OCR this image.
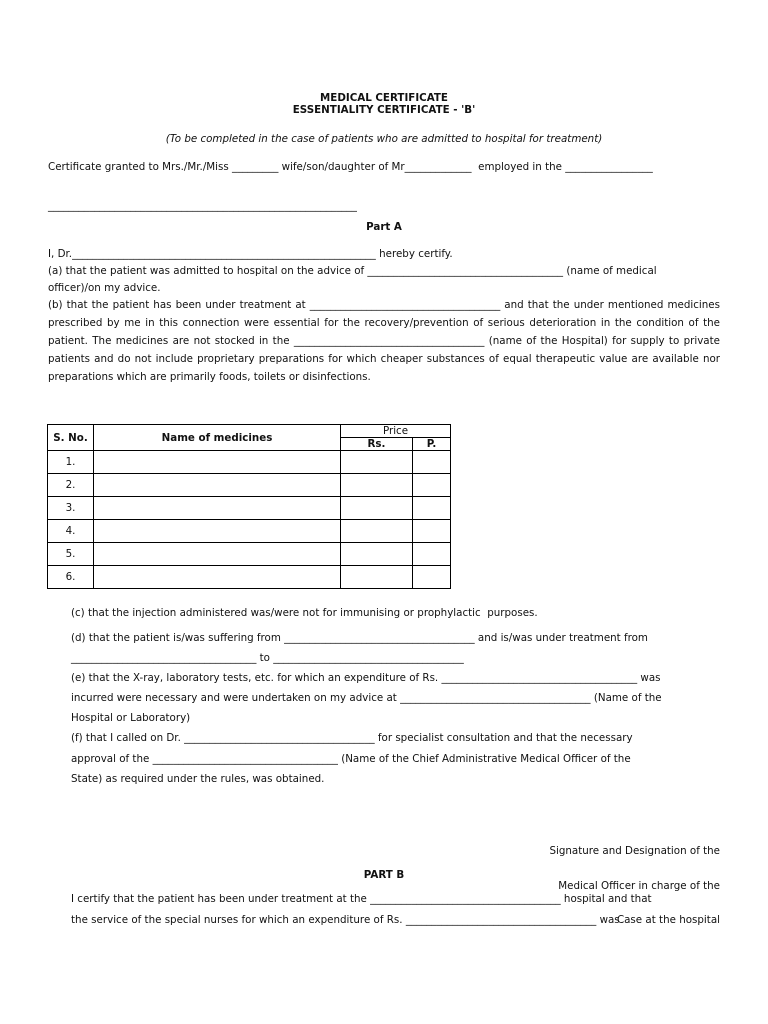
MEDICAL CERTIFICATE
ESSENTIALITY CERTIFICATE - 'B'
(To be completed in the case of patients who are admitted to hospital for treatment)
Certificate granted to Mrs./Mr./Miss _________ wife/son/daughter of Mr_____________  employed in the _________________
____________________________________________________________
Part A
I, Dr.___________________________________________________________ hereby certify.
(a) that the patient was admitted to hospital on the advice of ______________________________________ (name of medical
officer)/on my advice.
(b) that the patient has been under treatment at _____________________________________ and that the under mentioned medicines prescribed by me in this connection were essential for the recovery/prevention of serious deterioration in the condition of the patient. The medicines are not stocked in the _____________________________________ (name of the Hospital) for supply to private patients and do not include proprietary preparations for which cheaper substances of equal therapeutic value are available nor preparations which are primarily foods, toilets or disinfections.
S. No.	Name of medicines	Price	
		Rs.	P.
1.			
2.			
3.			
4.			
5.			
6.			
(c) that the injection administered was/were not for immunising or prophylactic  purposes.
(d) that the patient is/was suffering from _____________________________________ and is/was under treatment from
____________________________________ to _____________________________________
(e) that the X-ray, laboratory tests, etc. for which an expenditure of Rs. ______________________________________ was
incurred were necessary and were undertaken on my advice at _____________________________________ (Name of the
Hospital or Laboratory)
(f) that I called on Dr. _____________________________________ for specialist consultation and that the necessary
approval of the ____________________________________ (Name of the Chief Administrative Medical Officer of the
State) as required under the rules, was obtained.

Signature and Designation of the

Medical Officer in charge of the

Case at the hospital

PART B
I certify that the patient has been under treatment at the _____________________________________ hospital and that
the service of the special nurses for which an expenditure of Rs. _____________________________________ was
